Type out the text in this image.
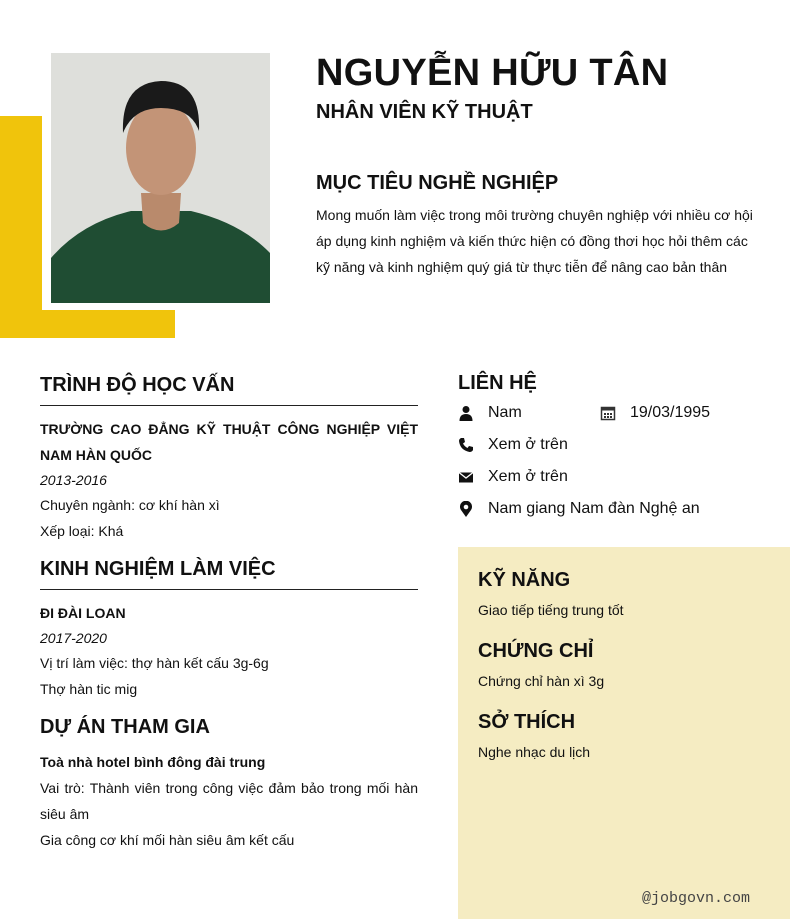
NGUYỄN HỮU TÂN
NHÂN VIÊN KỸ THUẬT
MỤC TIÊU NGHỀ NGHIỆP
Mong muốn làm việc trong môi trường chuyên nghiệp với nhiều cơ hội áp dụng kinh nghiệm và kiến thức hiện có đồng thơi học hỏi thêm các kỹ năng và kinh nghiệm quý giá từ thực tiễn để nâng cao bản thân
TRÌNH ĐỘ HỌC VẤN
TRƯỜNG CAO ĐẲNG KỸ THUẬT CÔNG NGHIỆP VIỆT NAM HÀN QUỐC
2013-2016
Chuyên ngành: cơ khí hàn xì
Xếp loại: Khá
KINH NGHIỆM LÀM VIỆC
ĐI ĐÀI LOAN
2017-2020
Vị trí làm việc: thợ hàn kết cấu 3g-6g
Thợ hàn tic mig
DỰ ÁN THAM GIA
Toà nhà hotel bình đông đài trung
Vai trò: Thành viên trong công việc đảm bảo trong mối hàn siêu âm
Gia công cơ khí mối hàn siêu âm kết cấu
LIÊN HỆ
Nam	19/03/1995
Xem ở trên
Xem ở trên
Nam giang Nam đàn Nghệ an
KỸ NĂNG
Giao tiếp tiếng trung tốt
CHỨNG CHỈ
Chứng chỉ hàn xì 3g
SỞ THÍCH
Nghe nhạc du lịch
@jobgovn.com
